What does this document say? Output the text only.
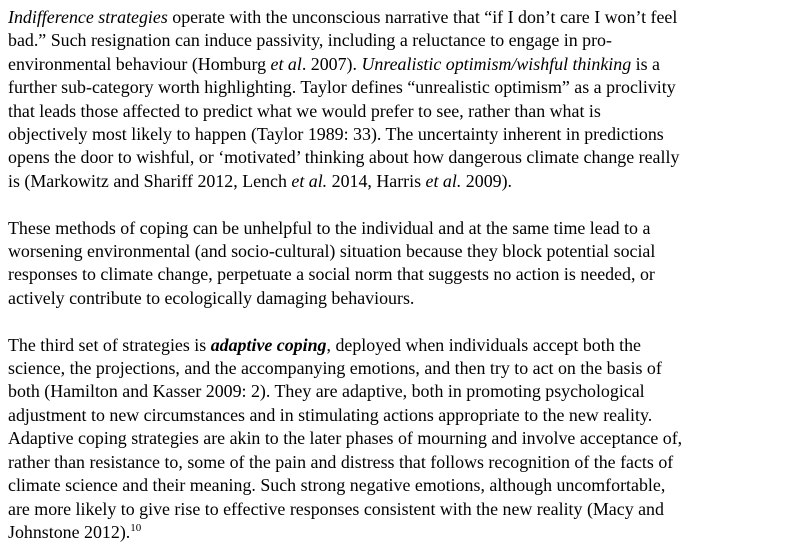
Indifference strategies operate with the unconscious narrative that “if I don’t care I won’t feel
bad.” Such resignation can induce passivity, including a reluctance to engage in pro-
environmental behaviour (Homburg et al. 2007). Unrealistic optimism/wishful thinking is a
further sub-category worth highlighting. Taylor defines “unrealistic optimism” as a proclivity
that leads those affected to predict what we would prefer to see, rather than what is
objectively most likely to happen (Taylor 1989: 33). The uncertainty inherent in predictions
opens the door to wishful, or ‘motivated’ thinking about how dangerous climate change really
is (Markowitz and Shariff 2012, Lench et al. 2014, Harris et al. 2009).

These methods of coping can be unhelpful to the individual and at the same time lead to a
worsening environmental (and socio-cultural) situation because they block potential social
responses to climate change, perpetuate a social norm that suggests no action is needed, or
actively contribute to ecologically damaging behaviours.

The third set of strategies is adaptive coping, deployed when individuals accept both the
science, the projections, and the accompanying emotions, and then try to act on the basis of
both (Hamilton and Kasser 2009: 2). They are adaptive, both in promoting psychological
adjustment to new circumstances and in stimulating actions appropriate to the new reality.
Adaptive coping strategies are akin to the later phases of mourning and involve acceptance of,
rather than resistance to, some of the pain and distress that follows recognition of the facts of
climate science and their meaning. Such strong negative emotions, although uncomfortable,
are more likely to give rise to effective responses consistent with the new reality (Macy and
Johnstone 2012).$^{10}$
